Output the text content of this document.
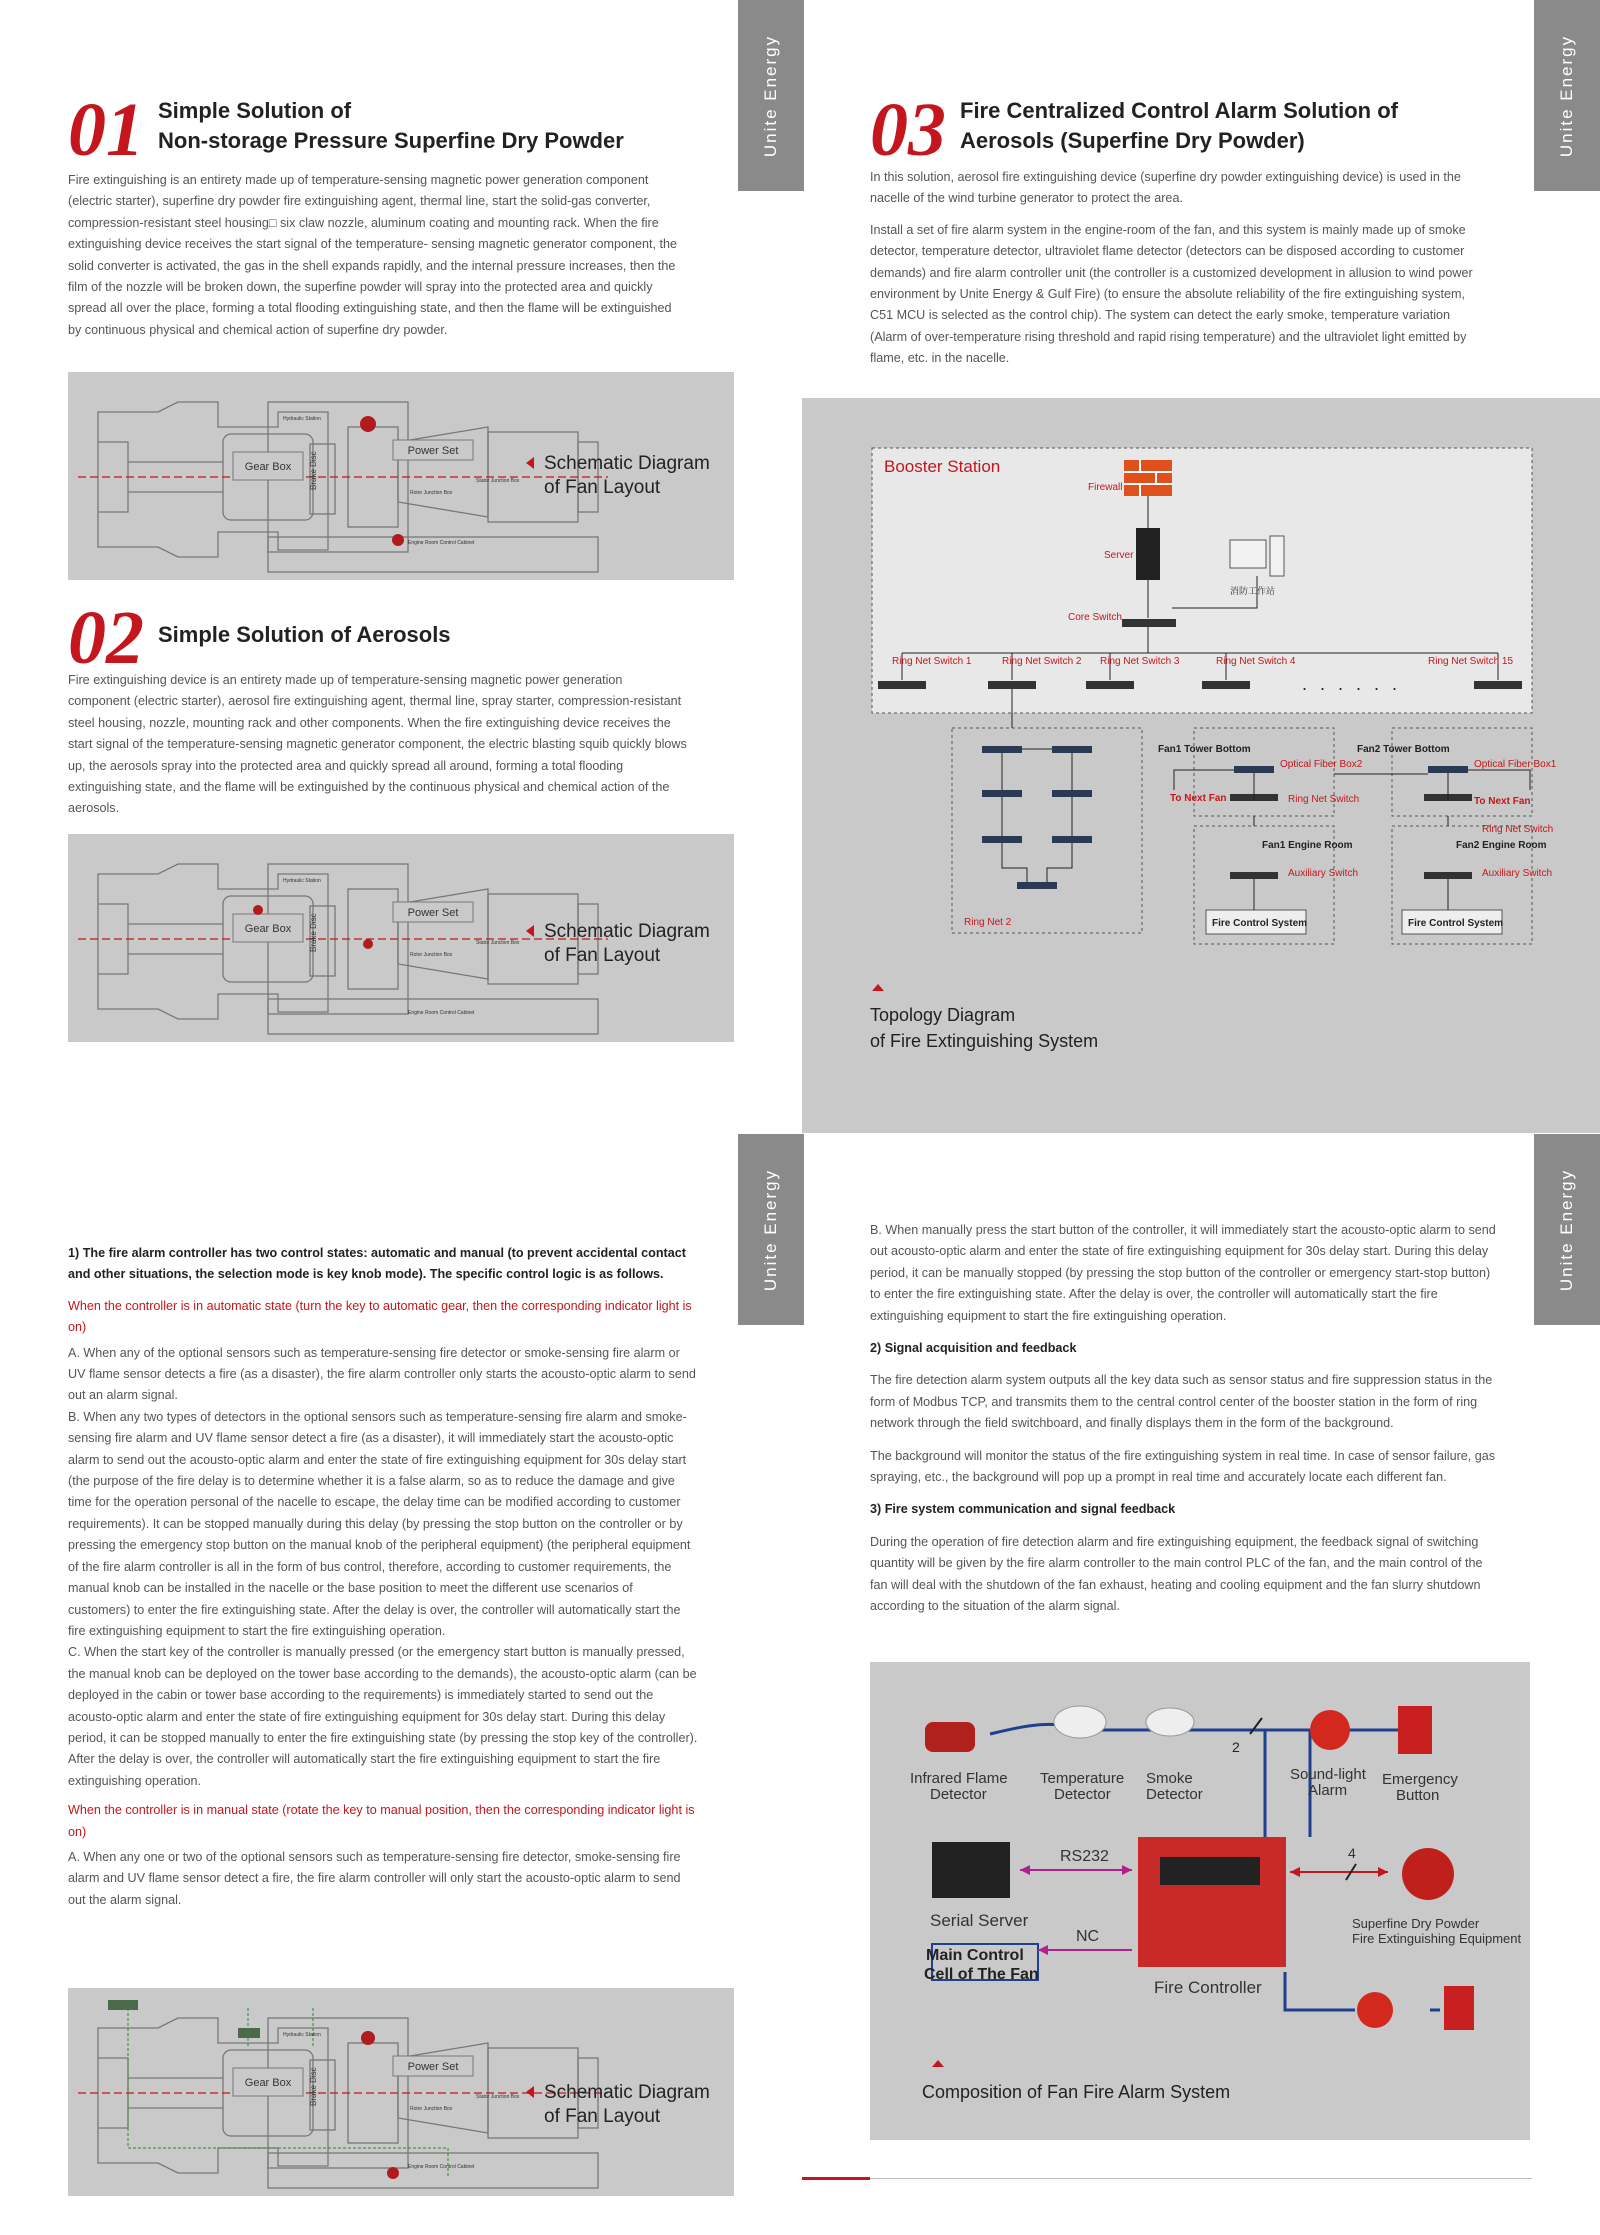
Unite Energy	Unite Energy
Unite Energy	Unite Energy
01 Simple Solution of
Non-storage Pressure Superfine Dry Powder
Fire extinguishing is an entirety made up of temperature-sensing magnetic power generation component (electric starter), superfine dry powder fire extinguishing agent, thermal line, start the solid-gas converter, compression-resistant steel housing□ six claw nozzle, aluminum coating and mounting rack. When the fire extinguishing device receives the start signal of the temperature- sensing magnetic generator component, the solid converter is activated, the gas in the shell expands rapidly, and the internal pressure increases, then the film of the nozzle will be broken down, the superfine powder will spray into the protected area and quickly spread all over the place, forming a total flooding extinguishing state, and then the flame will be extinguished by continuous physical and chemical action of superfine dry powder.
Gear Box
Power Set
Brake Disc
Hydraulic Station
Rotor Junction Box
Stator Junction Box
Engine Room Control Cabinet
Schematic Diagram
of Fan Layout
02 Simple Solution of Aerosols
Fire extinguishing device is an entirety made up of temperature-sensing magnetic power generation component (electric starter), aerosol fire extinguishing agent, thermal line, spray starter, compression-resistant steel housing, nozzle, mounting rack and other components. When the fire extinguishing device receives the start signal of the temperature-sensing magnetic generator component, the electric blasting squib quickly blows up, the aerosols spray into the protected area and quickly spread all around, forming a total flooding extinguishing state, and the flame will be extinguished by the continuous physical and chemical action of the aerosols.
Gear Box
Power Set
Brake Disc
Hydraulic Station
Rotor Junction Box
Stator Junction Box
Engine Room Control Cabinet
Schematic Diagram
of Fan Layout
03 Fire Centralized Control Alarm Solution of
Aerosols (Superfine Dry Powder)

In this solution, aerosol fire extinguishing device (superfine dry powder extinguishing device) is used in the nacelle of the wind turbine generator to protect the area.

Install a set of fire alarm system in the engine-room of the fan, and this system is mainly made up of smoke detector, temperature detector, ultraviolet flame detector (detectors can be disposed according to customer demands) and fire alarm controller unit (the controller is a customized development in allusion to wind power environment by Unite Energy & Gulf Fire) (to ensure the absolute reliability of the fire extinguishing system, C51 MCU is selected as the control chip). The system can detect the early smoke, temperature variation (Alarm of over-temperature rising threshold and rapid rising temperature) and the ultraviolet light emitted by flame, etc. in the nacelle.

Booster Station
Firewall
Server
消防工作站
Core Switch
Ring Net Switch 1	Ring Net Switch 2 Ring Net Switch 3	Ring Net Switch 4	Ring Net Switch 15
. . . . . .
Ring Net 2
Fan1 Tower Bottom
Optical Fiber Box2
To Next Fan	Ring Net Switch
Fan1 Engine Room
Auxiliary Switch
Fire Control System
Fan2 Tower Bottom
Optical Fiber Box1
To Next Fan
Ring Net Switch
Fan2 Engine Room
Auxiliary Switch
Fire Control System
Topology Diagram
of Fire Extinguishing System

1) The fire alarm controller has two control states: automatic and manual (to prevent accidental contact and other situations, the selection mode is key knob mode). The specific control logic is as follows.

When the controller is in automatic state (turn the key to automatic gear, then the corresponding indicator light is on)

A. When any of the optional sensors such as temperature-sensing fire detector or smoke-sensing fire alarm or UV flame sensor detects a fire (as a disaster), the fire alarm controller only starts the acousto-optic alarm to send out an alarm signal.

B. When any two types of detectors in the optional sensors such as temperature-sensing fire alarm and smoke-sensing fire alarm and UV flame sensor detect a fire (as a disaster), it will immediately start the acousto-optic alarm to send out the acousto-optic alarm and enter the state of fire extinguishing equipment for 30s delay start (the purpose of the fire delay is to determine whether it is a false alarm, so as to reduce the damage and give time for the operation personal of the nacelle to escape, the delay time can be modified according to customer requirements). It can be stopped manually during this delay (by pressing the stop button on the controller or by pressing the emergency stop button on the manual knob of the peripheral equipment) (the peripheral equipment of the fire alarm controller is all in the form of bus control, therefore, according to customer requirements, the manual knob can be installed in the nacelle or the base position to meet the different use scenarios of customers) to enter the fire extinguishing state. After the delay is over, the controller will automatically start the fire extinguishing equipment to start the fire extinguishing operation.

C. When the start key of the controller is manually pressed (or the emergency start button is manually pressed, the manual knob can be deployed on the tower base according to the demands), the acousto-optic alarm (can be deployed in the cabin or tower base according to the requirements) is immediately started to send out the acousto-optic alarm and enter the state of fire extinguishing equipment for 30s delay start. During this delay period, it can be stopped manually to enter the fire extinguishing state (by pressing the stop key of the controller). After the delay is over, the controller will automatically start the fire extinguishing equipment to start the fire extinguishing operation.

When the controller is in manual state (rotate the key to manual position, then the corresponding indicator light is on)

A. When any one or two of the optional sensors such as temperature-sensing fire detector, smoke-sensing fire alarm and UV flame sensor detect a fire, the fire alarm controller will only start the acousto-optic alarm to send out the alarm signal.

Gear Box
Power Set
Brake Disc
Hydraulic Station
Rotor Junction Box
Stator Junction Box
Engine Room Control Cabinet
Schematic Diagram
of Fan Layout

B. When manually press the start button of the controller, it will immediately start the acousto-optic alarm to send out acousto-optic alarm and enter the state of fire extinguishing equipment for 30s delay start. During this delay period, it can be manually stopped (by pressing the stop button of the controller or emergency start-stop button) to enter the fire extinguishing state. After the delay is over, the controller will automatically start the fire extinguishing equipment to start the fire extinguishing operation.

2) Signal acquisition and feedback

The fire detection alarm system outputs all the key data such as sensor status and fire suppression status in the form of Modbus TCP, and transmits them to the central control center of the booster station in the form of ring network through the field switchboard, and finally displays them in the form of the background.

The background will monitor the status of the fire extinguishing system in real time. In case of sensor failure, gas spraying, etc., the background will pop up a prompt in real time and accurately locate each different fan.

3) Fire system communication and signal feedback

During the operation of fire detection alarm and fire extinguishing equipment, the feedback signal of switching quantity will be given by the fire alarm controller to the main control PLC of the fan, and the main control of the fan will deal with the shutdown of the fan exhaust, heating and cooling equipment and the fan slurry shutdown according to the situation of the alarm signal.

2
Infrared Flame
Detector
Temperature
Detector
Smoke
Detector
Sound-light
Alarm
Emergency
Button
Serial Server
RS232
Fire Controller
Main Control
Cell of The Fan
NC
4
Superfine Dry Powder
Fire Extinguishing Equipment
Composition of Fan Fire Alarm System
